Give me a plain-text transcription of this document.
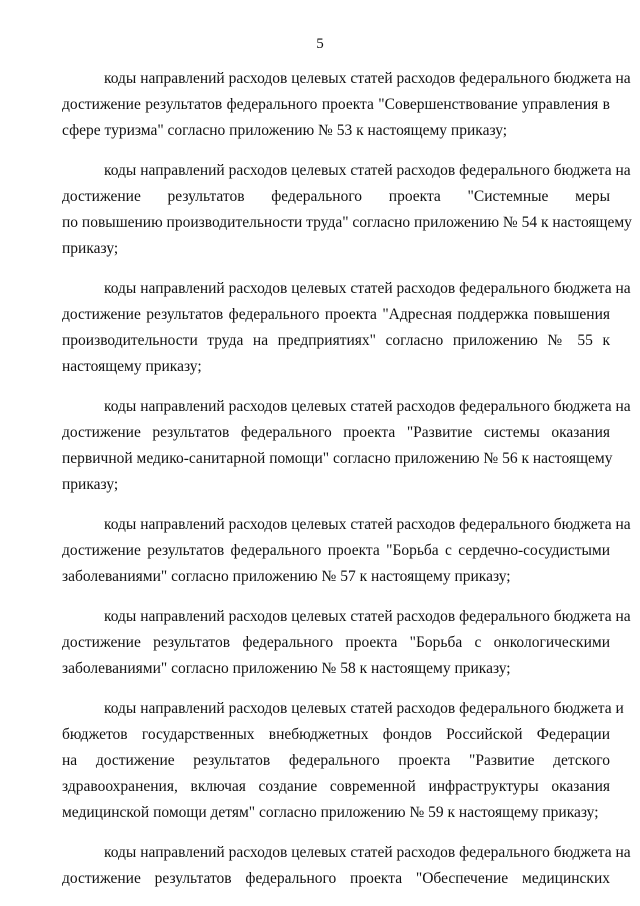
5
коды направлений расходов целевых статей расходов федерального бюджета на
достижение результатов федерального проекта "Совершенствование управления в
сфере туризма" согласно приложению № 53 к настоящему приказу;
коды направлений расходов целевых статей расходов федерального бюджета на
достижение результатов федерального проекта "Системные меры
по повышению производительности труда" согласно приложению № 54 к настоящему
приказу;
коды направлений расходов целевых статей расходов федерального бюджета на
достижение результатов федерального проекта "Адресная поддержка повышения
производительности труда на предприятиях" согласно приложению № 55 к
настоящему приказу;
коды направлений расходов целевых статей расходов федерального бюджета на
достижение результатов федерального проекта "Развитие системы оказания
первичной медико-санитарной помощи" согласно приложению № 56 к настоящему
приказу;
коды направлений расходов целевых статей расходов федерального бюджета на
достижение результатов федерального проекта "Борьба с сердечно-сосудистыми
заболеваниями" согласно приложению № 57 к настоящему приказу;
коды направлений расходов целевых статей расходов федерального бюджета на
достижение результатов федерального проекта "Борьба с онкологическими
заболеваниями" согласно приложению № 58 к настоящему приказу;
коды направлений расходов целевых статей расходов федерального бюджета и
бюджетов государственных внебюджетных фондов Российской Федерации
на достижение результатов федерального проекта "Развитие детского
здравоохранения, включая создание современной инфраструктуры оказания
медицинской помощи детям" согласно приложению № 59 к настоящему приказу;
коды направлений расходов целевых статей расходов федерального бюджета на
достижение результатов федерального проекта "Обеспечение медицинских
